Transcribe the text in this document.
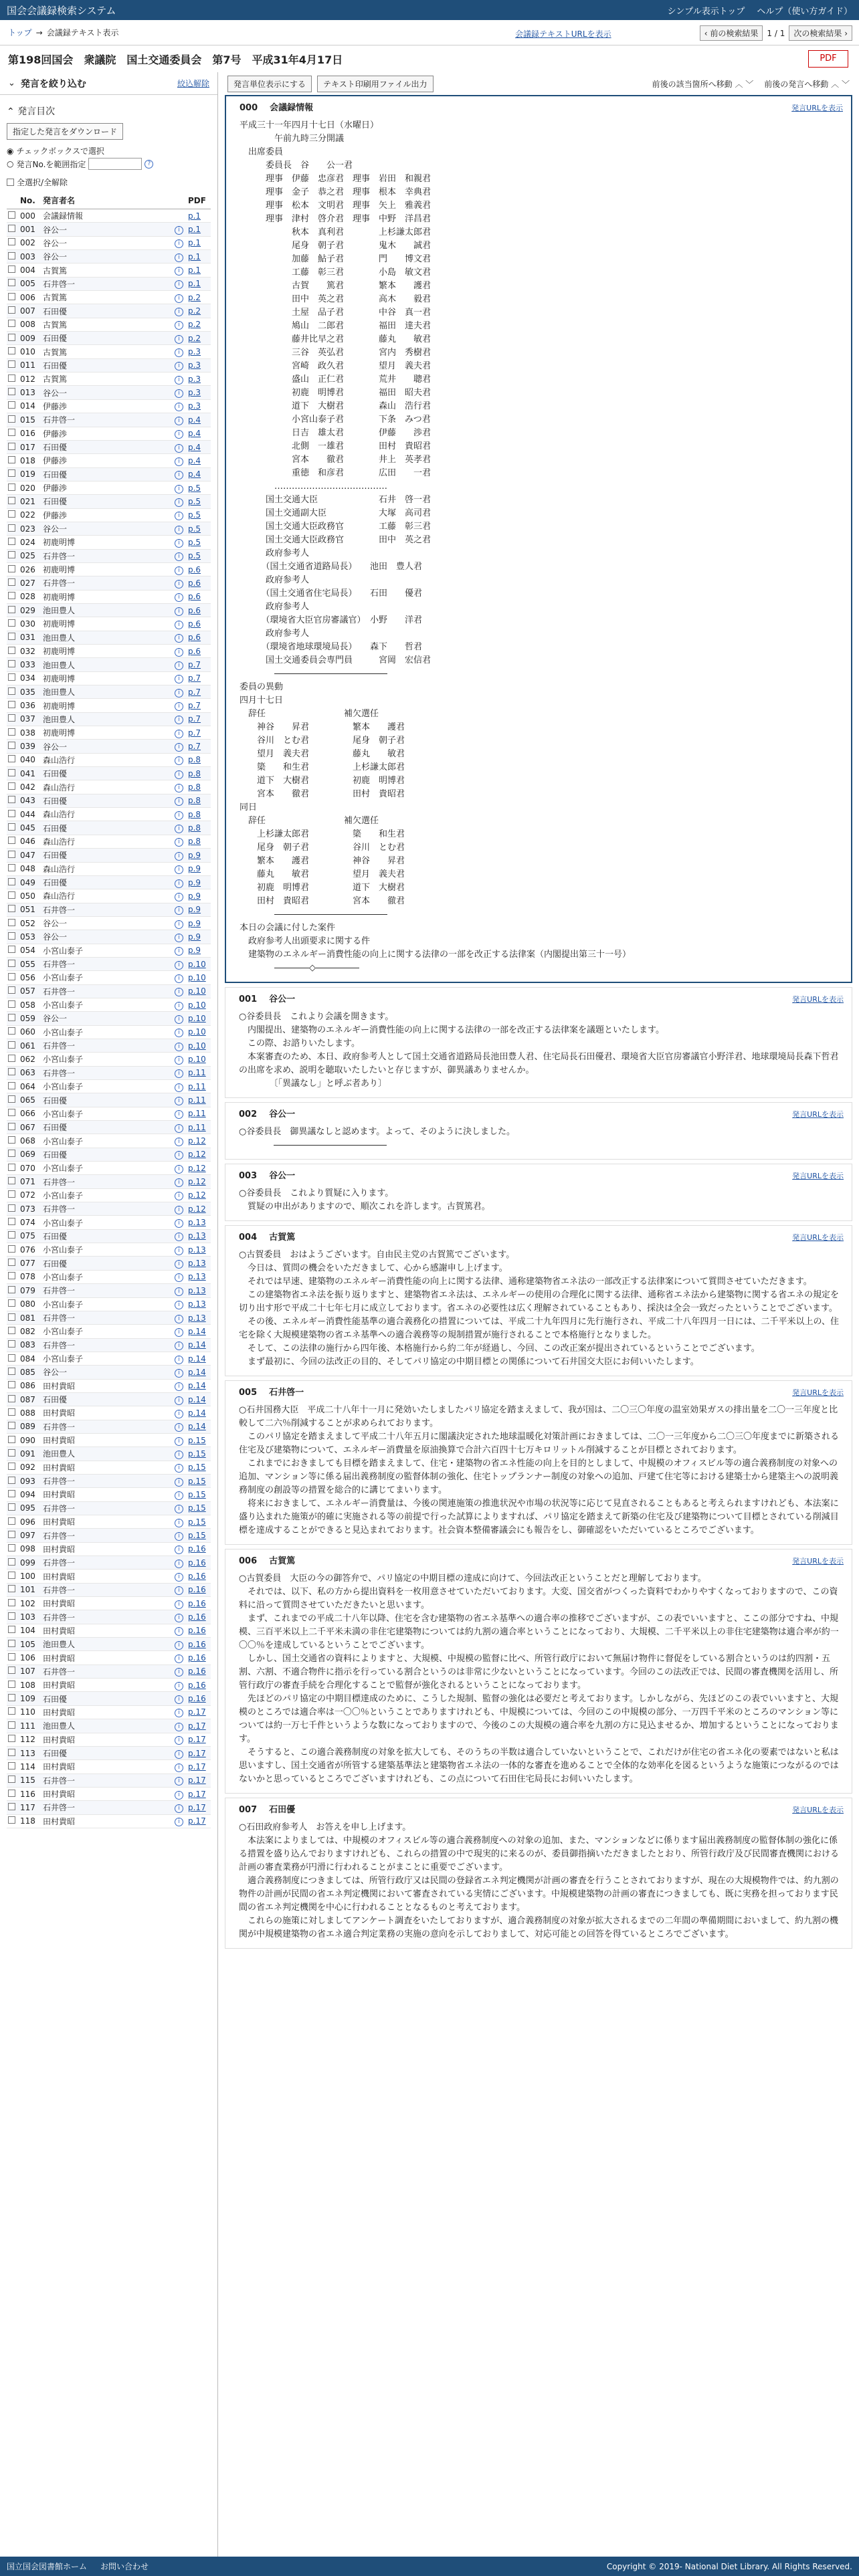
国会会議録検索システム	シンプル表示トップ ヘルプ（使い方ガイド）
トップ → 会議録テキスト表示	会議録テキストURLを表示	‹ 前の検索結果	1 / 1	次の検索結果 ›
第198回国会　衆議院　国土交通委員会　第7号　平成31年4月17日	PDF
⌄ 発言を絞り込む	絞込解除
⌃ 発言目次
指定した発言をダウンロード
◉ チェックボックスで選択
○ 発言No.を範囲指定	?
全選択/全解除
	No.	発言者名		PDF
	000	会議録情報		p.1
	001	谷公一	i	p.1
	002	谷公一	i	p.1
	003	谷公一	i	p.1
	004	古賀篤	i	p.1
	005	石井啓一	i	p.1
	006	古賀篤	i	p.2
	007	石田優	i	p.2
	008	古賀篤	i	p.2
	009	石田優	i	p.2
	010	古賀篤	i	p.3
	011	石田優	i	p.3
	012	古賀篤	i	p.3
	013	谷公一	i	p.3
	014	伊藤渉	i	p.3
	015	石井啓一	i	p.4
	016	伊藤渉	i	p.4
	017	石田優	i	p.4
	018	伊藤渉	i	p.4
	019	石田優	i	p.4
	020	伊藤渉	i	p.5
	021	石田優	i	p.5
	022	伊藤渉	i	p.5
	023	谷公一	i	p.5
	024	初鹿明博	i	p.5
	025	石井啓一	i	p.5
	026	初鹿明博	i	p.6
	027	石井啓一	i	p.6
	028	初鹿明博	i	p.6
	029	池田豊人	i	p.6
	030	初鹿明博	i	p.6
	031	池田豊人	i	p.6
	032	初鹿明博	i	p.6
	033	池田豊人	i	p.7
	034	初鹿明博	i	p.7
	035	池田豊人	i	p.7
	036	初鹿明博	i	p.7
	037	池田豊人	i	p.7
	038	初鹿明博	i	p.7
	039	谷公一	i	p.7
	040	森山浩行	i	p.8
	041	石田優	i	p.8
	042	森山浩行	i	p.8
	043	石田優	i	p.8
	044	森山浩行	i	p.8
	045	石田優	i	p.8
	046	森山浩行	i	p.8
	047	石田優	i	p.9
	048	森山浩行	i	p.9
	049	石田優	i	p.9
	050	森山浩行	i	p.9
	051	石井啓一	i	p.9
	052	谷公一	i	p.9
	053	谷公一	i	p.9
	054	小宮山泰子	i	p.9
	055	石井啓一	i	p.10
	056	小宮山泰子	i	p.10
	057	石井啓一	i	p.10
	058	小宮山泰子	i	p.10
	059	谷公一	i	p.10
	060	小宮山泰子	i	p.10
	061	石井啓一	i	p.10
	062	小宮山泰子	i	p.10
	063	石井啓一	i	p.11
	064	小宮山泰子	i	p.11
	065	石田優	i	p.11
	066	小宮山泰子	i	p.11
	067	石田優	i	p.11
	068	小宮山泰子	i	p.12
	069	石田優	i	p.12
	070	小宮山泰子	i	p.12
	071	石井啓一	i	p.12
	072	小宮山泰子	i	p.12
	073	石井啓一	i	p.12
	074	小宮山泰子	i	p.13
	075	石田優	i	p.13
	076	小宮山泰子	i	p.13
	077	石田優	i	p.13
	078	小宮山泰子	i	p.13
	079	石井啓一	i	p.13
	080	小宮山泰子	i	p.13
	081	石井啓一	i	p.13
	082	小宮山泰子	i	p.14
	083	石井啓一	i	p.14
	084	小宮山泰子	i	p.14
	085	谷公一	i	p.14
	086	田村貴昭	i	p.14
	087	石田優	i	p.14
	088	田村貴昭	i	p.14
	089	石井啓一	i	p.14
	090	田村貴昭	i	p.15
	091	池田豊人	i	p.15
	092	田村貴昭	i	p.15
	093	石井啓一	i	p.15
	094	田村貴昭	i	p.15
	095	石井啓一	i	p.15
	096	田村貴昭	i	p.15
	097	石井啓一	i	p.15
	098	田村貴昭	i	p.16
	099	石井啓一	i	p.16
	100	田村貴昭	i	p.16
	101	石井啓一	i	p.16
	102	田村貴昭	i	p.16
	103	石井啓一	i	p.16
	104	田村貴昭	i	p.16
	105	池田豊人	i	p.16
	106	田村貴昭	i	p.16
	107	石井啓一	i	p.16
	108	田村貴昭	i	p.16
	109	石田優	i	p.16
	110	田村貴昭	i	p.17
	111	池田豊人	i	p.17
	112	田村貴昭	i	p.17
	113	石田優	i	p.17
	114	田村貴昭	i	p.17
	115	石井啓一	i	p.17
	116	田村貴昭	i	p.17
	117	石井啓一	i	p.17
	118	田村貴昭	i	p.17
発言単位表示にする	テキスト印刷用ファイル出力	前後の該当箇所へ移動 ︿ ﹀ 前後の発言へ移動 ︿ ﹀
000 会議録情報	発言URLを表示
平成三十一年四月十七日（水曜日）
　　　　午前九時三分開議
　出席委員
　　　委員長　谷　　公一君
　　　理事　伊藤　忠彦君　理事　岩田　和親君
　　　理事　金子　恭之君　理事　根本　幸典君
　　　理事　松本　文明君　理事　矢上　雅義君
　　　理事　津村　啓介君　理事　中野　洋昌君
　　　　　　秋本　真利君　　　　上杉謙太郎君
　　　　　　尾身　朝子君　　　　鬼木　　誠君
　　　　　　加藤　鮎子君　　　　門　　博文君
　　　　　　工藤　彰三君　　　　小島　敏文君
　　　　　　古賀　　篤君　　　　繁本　　護君
　　　　　　田中　英之君　　　　高木　　毅君
　　　　　　土屋　品子君　　　　中谷　真一君
　　　　　　鳩山　二郎君　　　　福田　達夫君
　　　　　　藤井比早之君　　　　藤丸　　敏君
　　　　　　三谷　英弘君　　　　宮内　秀樹君
　　　　　　宮崎　政久君　　　　望月　義夫君
　　　　　　盛山　正仁君　　　　荒井　　聰君
　　　　　　初鹿　明博君　　　　福田　昭夫君
　　　　　　道下　大樹君　　　　森山　浩行君
　　　　　　小宮山泰子君　　　　下条　みつ君
　　　　　　日吉　雄太君　　　　伊藤　　渉君
　　　　　　北側　一雄君　　　　田村　貴昭君
　　　　　　宮本　　徹君　　　　井上　英孝君
　　　　　　重徳　和彦君　　　　広田　　一君
　　　　…………………………………
　　　国土交通大臣　　　　　　　石井　啓一君
　　　国土交通副大臣　　　　　　大塚　高司君
　　　国土交通大臣政務官　　　　工藤　彰三君
　　　国土交通大臣政務官　　　　田中　英之君
　　　政府参考人
　　　（国土交通省道路局長）　　池田　豊人君
　　　政府参考人
　　　（国土交通省住宅局長）　　石田　　優君
　　　政府参考人
　　　（環境省大臣官房審議官）　小野　　洋君
　　　政府参考人
　　　（環境省地球環境局長）　　森下　　哲君
　　　国土交通委員会専門員　　　宮岡　宏信君
　　　　―――――――――――――
委員の異動
四月十七日
　辞任　　　　　　　　　補欠選任
　　神谷　　昇君　　　　　繁本　　護君
　　谷川　とむ君　　　　　尾身　朝子君
　　望月　義夫君　　　　　藤丸　　敏君
　　簗　　和生君　　　　　上杉謙太郎君
　　道下　大樹君　　　　　初鹿　明博君
　　宮本　　徹君　　　　　田村　貴昭君
同日
　辞任　　　　　　　　　補欠選任
　　上杉謙太郎君　　　　　簗　　和生君
　　尾身　朝子君　　　　　谷川　とむ君
　　繁本　　護君　　　　　神谷　　昇君
　　藤丸　　敏君　　　　　望月　義夫君
　　初鹿　明博君　　　　　道下　大樹君
　　田村　貴昭君　　　　　宮本　　徹君
　　　　―――――――――――――
本日の会議に付した案件
　政府参考人出頭要求に関する件
　建築物のエネルギー消費性能の向上に関する法律の一部を改正する法律案（内閣提出第三十一号）
　　　　――――◇―――――
001 谷公一	発言URLを表示
○谷委員長　これより会議を開きます。
　内閣提出、建築物のエネルギー消費性能の向上に関する法律の一部を改正する法律案を議題といたします。
　この際、お諮りいたします。
　本案審査のため、本日、政府参考人として国土交通省道路局長池田豊人君、住宅局長石田優君、環境省大臣官房審議官小野洋君、地球環境局長森下哲君の出席を求め、説明を聴取いたしたいと存じますが、御異議ありませんか。
　　　　〔「異議なし」と呼ぶ者あり〕
002 谷公一	発言URLを表示
○谷委員長　御異議なしと認めます。よって、そのように決しました。
　　　　―――――――――――――
003 谷公一	発言URLを表示
○谷委員長　これより質疑に入ります。
　質疑の申出がありますので、順次これを許します。古賀篤君。
004 古賀篤	発言URLを表示
○古賀委員　おはようございます。自由民主党の古賀篤でございます。
　今日は、質問の機会をいただきまして、心から感謝申し上げます。
　それでは早速、建築物のエネルギー消費性能の向上に関する法律、通称建築物省エネ法の一部改正する法律案について質問させていただきます。
　この建築物省エネ法を振り返りますと、建築物省エネ法は、エネルギーの使用の合理化に関する法律、通称省エネ法から建築物に関する省エネの規定を切り出す形で平成二十七年七月に成立しております。省エネの必要性は広く理解されていることもあり、採決は全会一致だったということでございます。
　その後、エネルギー消費性能基準の適合義務化の措置については、平成二十九年四月に先行施行され、平成二十八年四月一日には、二千平米以上の、住宅を除く大規模建築物の省エネ基準への適合義務等の規制措置が施行されることで本格施行となりました。
　そして、この法律の施行から四年後、本格施行から約二年が経過し、今回、この改正案が提出されているということでございます。
　まず最初に、今回の法改正の目的、そしてパリ協定の中期目標との関係について石井国交大臣にお伺いいたします。
005 石井啓一	発言URLを表示
○石井国務大臣　平成二十八年十一月に発効いたしましたパリ協定を踏まえまして、我が国は、二〇三〇年度の温室効果ガスの排出量を二〇一三年度と比較して二六％削減することが求められております。
　このパリ協定を踏まえまして平成二十八年五月に閣議決定された地球温暖化対策計画におきましては、二〇一三年度から二〇三〇年度までに新築される住宅及び建築物について、エネルギー消費量を原油換算で合計六百四十七万キロリットル削減することが目標とされております。
　これまでにおきましても目標を踏まえまして、住宅・建築物の省エネ性能の向上を目的としまして、中規模のオフィスビル等の適合義務制度の対象への追加、マンション等に係る届出義務制度の監督体制の強化、住宅トップランナー制度の対象への追加、戸建て住宅等における建築士から建築主への説明義務制度の創設等の措置を総合的に講じてまいります。
　将来におきまして、エネルギー消費量は、今後の関連施策の推進状況や市場の状況等に応じて見直されることもあると考えられますけれども、本法案に盛り込まれた施策が的確に実施される等の前提で行った試算によりますれば、パリ協定を踏まえて新築の住宅及び建築物について目標とされている削減目標を達成することができると見込まれております。社会資本整備審議会にも報告をし、御確認をいただいているところでございます。
006 古賀篤	発言URLを表示
○古賀委員　大臣の今の御答弁で、パリ協定の中期目標の達成に向けて、今回法改正ということだと理解しております。
　それでは、以下、私の方から提出資料を一枚用意させていただいております。大変、国交省がつくった資料でわかりやすくなっておりますので、この資料に沿って質問させていただきたいと思います。
　まず、これまでの平成二十八年以降、住宅を含む建築物の省エネ基準への適合率の推移でございますが、この表でいいますと、ここの部分ですね、中規模、三百平米以上二千平米未満の非住宅建築物については約九割の適合率ということになっており、大規模、二千平米以上の非住宅建築物は適合率が約一〇〇％を達成しているということでございます。
　しかし、国土交通省の資料によりますと、大規模、中規模の監督に比べ、所管行政庁において無届け物件に督促をしている割合というのは約四割・五割、六割、不適合物件に指示を行っている割合というのは非常に少ないということになっています。今回のこの法改正では、民間の審査機関を活用し、所管行政庁の審査手続を合理化することで監督が強化されるということになっております。
　先ほどのパリ協定の中期目標達成のために、こうした規制、監督の強化は必要だと考えております。しかしながら、先ほどのこの表でいいますと、大規模のところでは適合率は一〇〇％ということでありますけれども、中規模については、今回のこの中規模の部分、一万四千平米のところのマンション等については約一万七千件というような数になっておりますので、今後のこの大規模の適合率を九割の方に見込ませるか、増加するということになっております。
　そうすると、この適合義務制度の対象を拡大しても、そのうちの半数は適合していないということで、これだけが住宅の省エネ化の要素ではないと私は思いますし、国土交通省が所管する建築基準法と建築物省エネ法の一体的な審査を進めることで全体的な効率化を図るというような施策につながるのではないかと思っているところでございますけれども、この点について石田住宅局長にお伺いいたします。
007 石田優	発言URLを表示
○石田政府参考人　お答えを申し上げます。
　本法案によりましては、中規模のオフィスビル等の適合義務制度への対象の追加、また、マンションなどに係ります届出義務制度の監督体制の強化に係る措置を盛り込んでおりますけれども、これらの措置の中で現実的に来るのが、委員御指摘いただきましたとおり、所管行政庁及び民間審査機関における計画の審査業務が円滑に行われることがまことに重要でございます。
　適合義務制度につきましては、所管行政庁又は民間の登録省エネ判定機関が計画の審査を行うことされておりますが、現在の大規模物件では、約九割の物件の計画が民間の省エネ判定機関において審査されている実情にございます。中規模建築物の計画の審査につきましても、既に実務を担っております民間の省エネ判定機関を中心に行われることとなるものと考えております。
　これらの施策に対しましてアンケート調査をいたしておりますが、適合義務制度の対象が拡大されるまでの二年間の準備期間においまして、約九割の機関が中規模建築物の省エネ適合判定業務の実施の意向を示しておりまして、対応可能との回答を得ているところでございます。
国立国会図書館ホーム お問い合わせ	Copyright © 2019- National Diet Library. All Rights Reserved.
